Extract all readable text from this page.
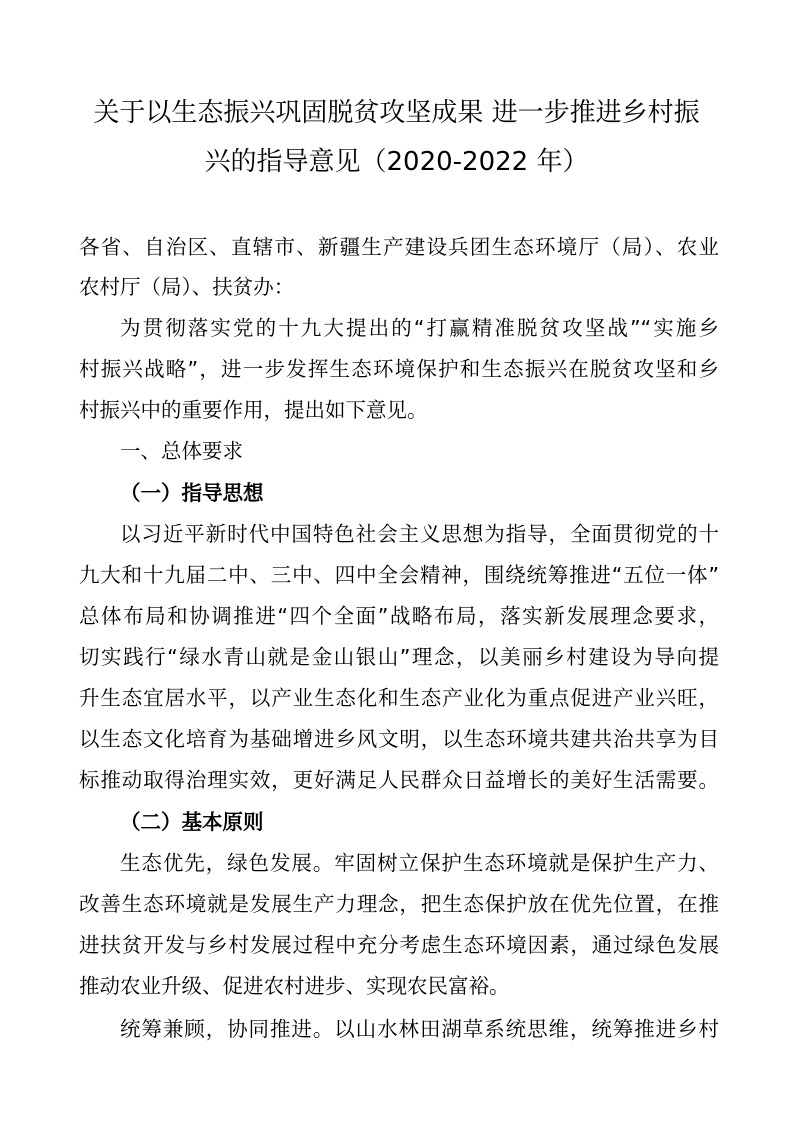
关于以生态振兴巩固脱贫攻坚成果 进一步推进乡村振
兴的指导意见（2020-2022 年）
各省、自治区、直辖市、新疆生产建设兵团生态环境厅（局）、农业
农村厅（局）、扶贫办：
为贯彻落实党的十九大提出的“打赢精准脱贫攻坚战”“实施乡
村振兴战略”，进一步发挥生态环境保护和生态振兴在脱贫攻坚和乡
村振兴中的重要作用，提出如下意见。
一、总体要求
（一）指导思想
以习近平新时代中国特色社会主义思想为指导，全面贯彻党的十
九大和十九届二中、三中、四中全会精神，围绕统筹推进“五位一体”
总体布局和协调推进“四个全面”战略布局，落实新发展理念要求，
切实践行“绿水青山就是金山银山”理念，以美丽乡村建设为导向提
升生态宜居水平，以产业生态化和生态产业化为重点促进产业兴旺，
以生态文化培育为基础增进乡风文明，以生态环境共建共治共享为目
标推动取得治理实效，更好满足人民群众日益增长的美好生活需要。
（二）基本原则
生态优先，绿色发展。牢固树立保护生态环境就是保护生产力、
改善生态环境就是发展生产力理念，把生态保护放在优先位置，在推
进扶贫开发与乡村发展过程中充分考虑生态环境因素，通过绿色发展
推动农业升级、促进农村进步、实现农民富裕。
统筹兼顾，协同推进。以山水林田湖草系统思维，统筹推进乡村
